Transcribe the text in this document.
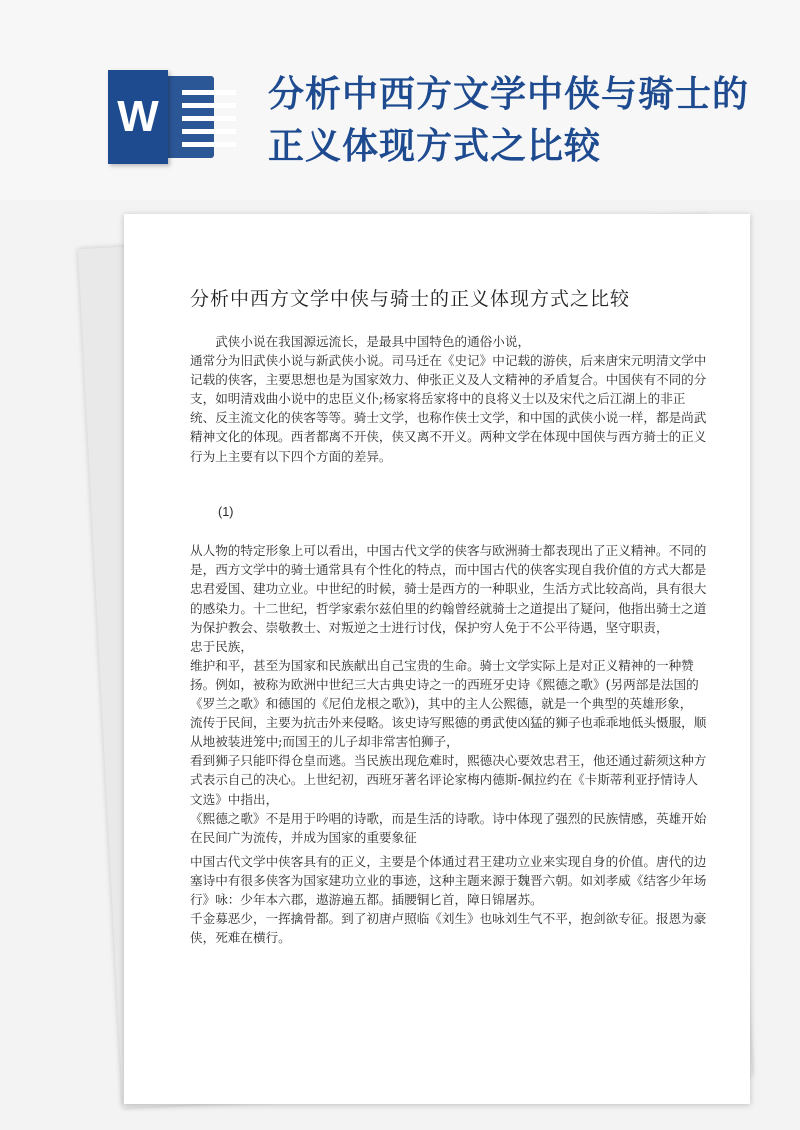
W	分析中西方文学中侠与骑士的正义体现方式之比较
分析中西方文学中侠与骑士的正义体现方式之比较

　　武侠小说在我国源远流长，是最具中国特色的通俗小说，
通常分为旧武侠小说与新武侠小说。司马迁在《史记》中记载的游侠，后来唐宋元明清文学中记载的侠客，主要思想也是为国家效力、伸张正义及人文精神的矛盾复合。中国侠有不同的分支，如明清戏曲小说中的忠臣义仆;杨家将岳家将中的良将义士以及宋代之后江湖上的非正统、反主流文化的侠客等等。骑士文学，也称作侠士文学，和中国的武侠小说一样，都是尚武精神文化的体现。西者都离不开侠，侠又离不开义。两种文学在体现中国侠与西方骑士的正义行为上主要有以下四个方面的差异。

(1)

从人物的特定形象上可以看出，中国古代文学的侠客与欧洲骑士都表现出了正义精神。不同的是，西方文学中的骑士通常具有个性化的特点，而中国古代的侠客实现自我价值的方式大都是忠君爱国、建功立业。中世纪的时候，骑士是西方的一种职业，生活方式比较高尚，具有很大的感染力。十二世纪，哲学家索尔兹伯里的约翰曾经就骑士之道提出了疑问，他指出骑士之道为保护教会、崇敬教士、对叛逆之士进行讨伐，保护穷人免于不公平待遇，坚守职责，
忠于民族，
维护和平，甚至为国家和民族献出自己宝贵的生命。骑士文学实际上是对正义精神的一种赞扬。例如，被称为欧洲中世纪三大古典史诗之一的西班牙史诗《熙德之歌》(另两部是法国的《罗兰之歌》和德国的《尼伯龙根之歌》)，其中的主人公熙德，就是一个典型的英雄形象，
流传于民间，主要为抗击外来侵略。该史诗写熙德的勇武使凶猛的狮子也乖乖地低头慑服，顺从地被装进笼中;而国王的儿子却非常害怕狮子，
看到狮子只能吓得仓皇而逃。当民族出现危难时，熙德决心要效忠君王，他还通过薪须这种方式表示自己的决心。上世纪初，西班牙著名评论家梅内德斯-佩拉约在《卡斯蒂利亚抒情诗人文选》中指出，
《熙德之歌》不是用于吟唱的诗歌，而是生活的诗歌。诗中体现了强烈的民族情感，英雄开始在民间广为流传，并成为国家的重要象征

中国古代文学中侠客具有的正义，主要是个体通过君王建功立业来实现自身的价值。唐代的边塞诗中有很多侠客为国家建功立业的事迹，这种主题来源于魏晋六朝。如刘孝威《结客少年场行》咏：少年本六郡，遨游遍五都。插腰铜匕首，障日锦屠苏。
千金募恶少，一挥擒骨都。到了初唐卢照临《刘生》也咏刘生气不平，抱剑欲专征。报恩为豪侠，死难在横行。
